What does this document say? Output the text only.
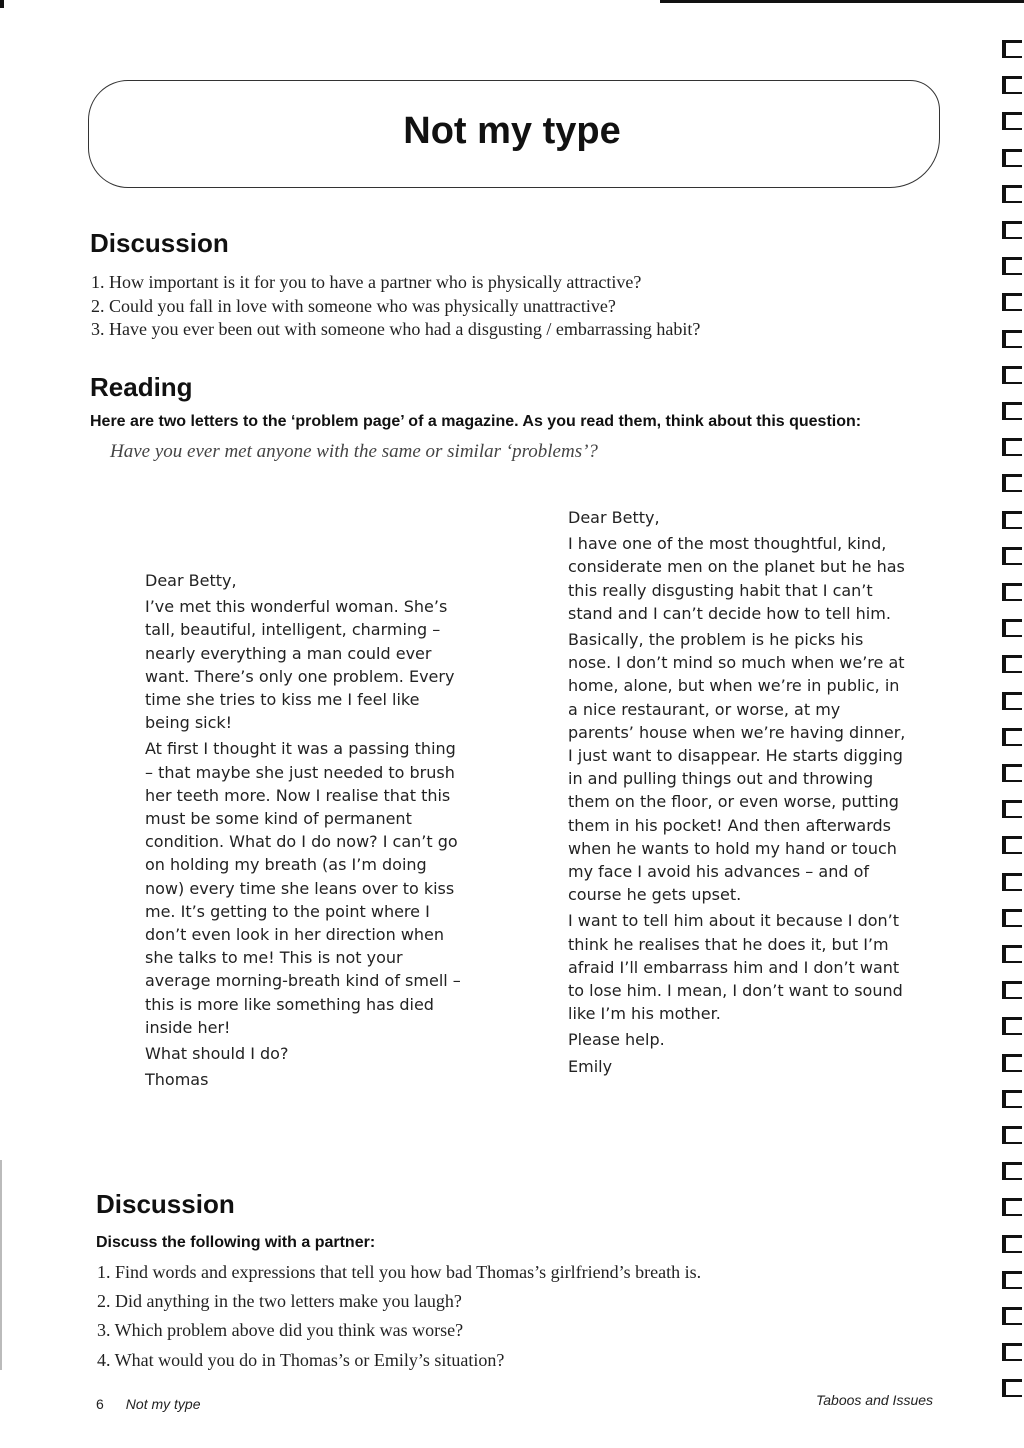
Not my type
Discussion
1. How important is it for you to have a partner who is physically attractive?
2. Could you fall in love with someone who was physically unattractive?
3. Have you ever been out with someone who had a disgusting / embarrassing habit?
Reading
Here are two letters to the ‘problem page’ of a magazine. As you read them, think about this question:
Have you ever met anyone with the same or similar ‘problems’?

Dear Betty,

I’ve met this wonderful woman. She’s tall, beautiful, intelligent, charming – nearly everything a man could ever want. There’s only one problem. Every time she tries to kiss me I feel like being sick!

At first I thought it was a passing thing – that maybe she just needed to brush her teeth more. Now I realise that this must be some kind of permanent condition. What do I do now? I can’t go on holding my breath (as I’m doing now) every time she leans over to kiss me. It’s getting to the point where I don’t even look in her direction when she talks to me! This is not your average morning-breath kind of smell – this is more like something has died inside her!

What should I do?

Thomas

Dear Betty,

I have one of the most thoughtful, kind, considerate men on the planet but he has this really disgusting habit that I can’t stand and I can’t decide how to tell him.

Basically, the problem is he picks his nose. I don’t mind so much when we’re at home, alone, but when we’re in public, in a nice restaurant, or worse, at my parents’ house when we’re having dinner, I just want to disappear. He starts digging in and pulling things out and throwing them on the floor, or even worse, putting them in his pocket! And then afterwards when he wants to hold my hand or touch my face I avoid his advances – and of course he gets upset.

I want to tell him about it because I don’t think he realises that he does it, but I’m afraid I’ll embarrass him and I don’t want to lose him. I mean, I don’t want to sound like I’m his mother.

Please help.

Emily

Discussion
Discuss the following with a partner:
1. Find words and expressions that tell you how bad Thomas’s girlfriend’s breath is.
2. Did anything in the two letters make you laugh?
3. Which problem above did you think was worse?
4. What would you do in Thomas’s or Emily’s situation?
6 Not my type	Taboos and Issues
